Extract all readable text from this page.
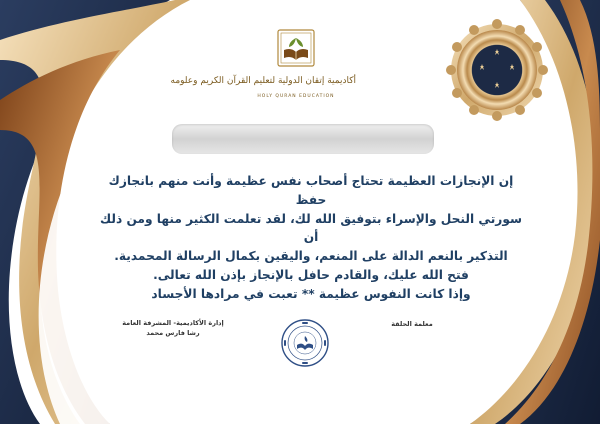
أكاديمية إتقان الدولية لتعليم القرآن الكريم وعلومه
HOLY QURAN EDUCATION

إن الإنجازات العظيمة تحتاج أصحاب نفس عظيمة وأنت منهم بانجازك حفظ

سورتي النحل والإسراء بتوفيق الله لك، لقد تعلمت الكثير منها ومن ذلك أن

التذكير بالنعم الدالة على المنعم، واليقين بكمال الرسالة المحمدية.

فتح الله عليك، والقادم حافل بالإنجاز بإذن الله تعالى.

وإذا كانت النفوس عظيمة ** تعبت في مرادها الأجساد

معلمة الحلقة
إدارة الأكاديمية- المشرفة العامة
رشا فارس محمد
